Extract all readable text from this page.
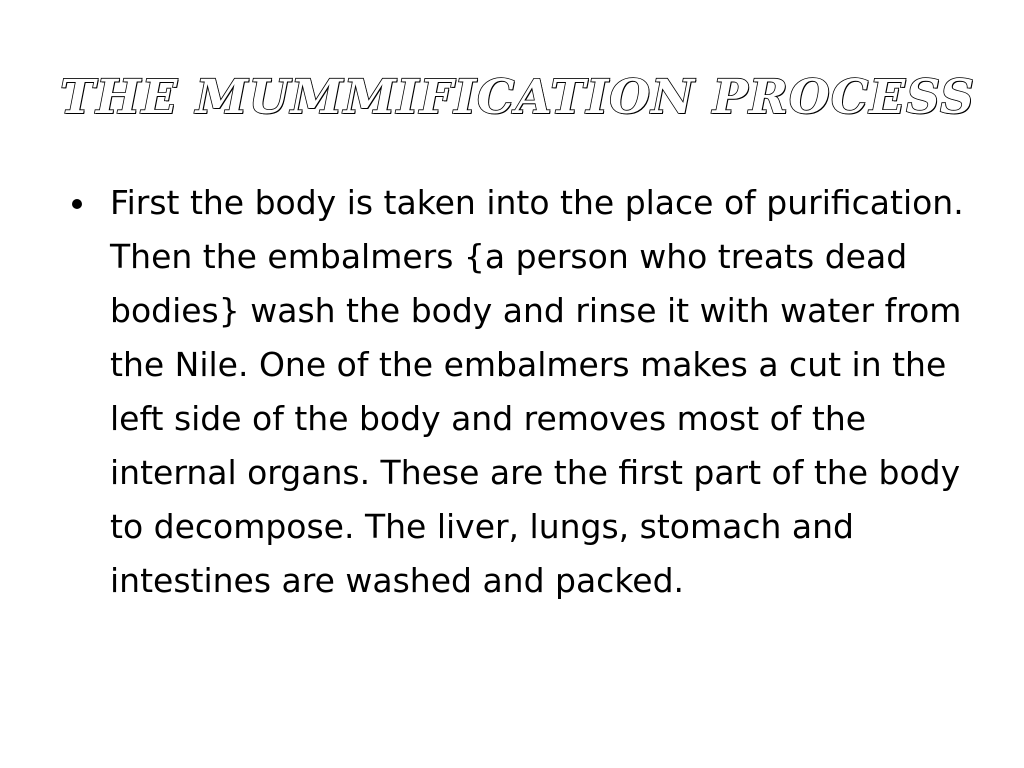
THE MUMMIFICATION PROCESS
First the body is taken into the place of purification. Then the embalmers {a person who treats dead bodies} wash the body and rinse it with water from the Nile. One of the embalmers makes a cut in the left side of the body and removes most of the internal organs. These are the first part of the body to decompose. The liver, lungs, stomach and intestines are washed and packed.
